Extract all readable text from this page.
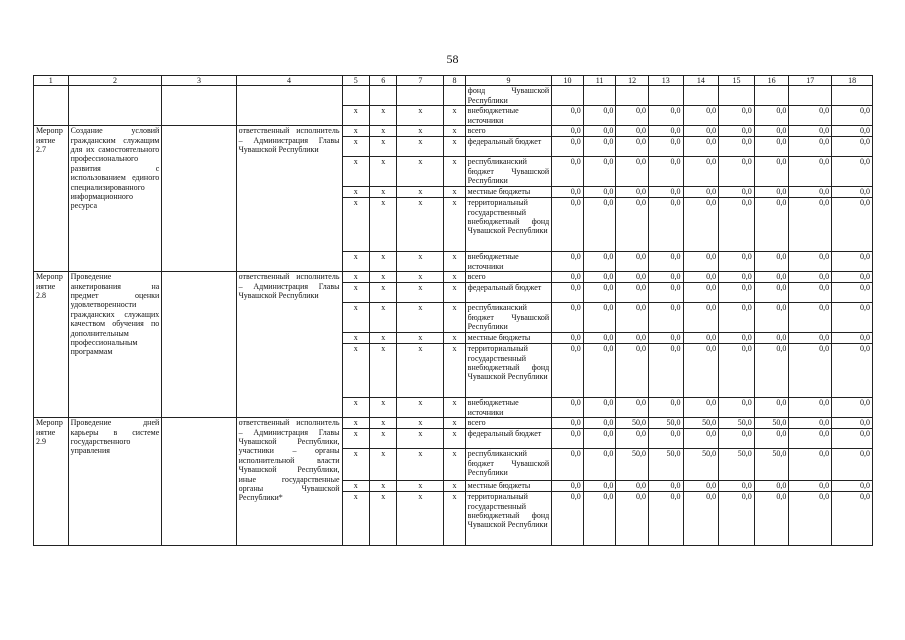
58
1	2	3	4	5	6	7	8	9	10	11	12	13	14	15	16	17	18
								фонд Чувашской Республики									
				x	x	x	x	внебюджетные источники	0,0	0,0	0,0	0,0	0,0	0,0	0,0	0,0	0,0
Мероприятие 2.7	Создание условий гражданским служащим для их самостоятельного профессионального развития с использованием единого специализированного информационного ресурса		ответственный исполнитель – Администрация Главы Чувашской Республики	x	x	x	x	всего	0,0	0,0	0,0	0,0	0,0	0,0	0,0	0,0	0,0
				x	x	x	x	федеральный бюджет	0,0	0,0	0,0	0,0	0,0	0,0	0,0	0,0	0,0
				x	x	x	x	республиканский бюджет Чувашской Республики	0,0	0,0	0,0	0,0	0,0	0,0	0,0	0,0	0,0
				x	x	x	x	местные бюджеты	0,0	0,0	0,0	0,0	0,0	0,0	0,0	0,0	0,0
				x	x	x	x	территориальный государственный внебюджетный фонд Чувашской Республики	0,0	0,0	0,0	0,0	0,0	0,0	0,0	0,0	0,0
				x	x	x	x	внебюджетные источники	0,0	0,0	0,0	0,0	0,0	0,0	0,0	0,0	0,0
Мероприятие 2.8	Проведение анкетирования на предмет оценки удовлетворенности гражданских служащих качеством обучения по дополнительным профессиональным программам		ответственный исполнитель – Администрация Главы Чувашской Республики	x	x	x	x	всего	0,0	0,0	0,0	0,0	0,0	0,0	0,0	0,0	0,0
				x	x	x	x	федеральный бюджет	0,0	0,0	0,0	0,0	0,0	0,0	0,0	0,0	0,0
				x	x	x	x	республиканский бюджет Чувашской Республики	0,0	0,0	0,0	0,0	0,0	0,0	0,0	0,0	0,0
				x	x	x	x	местные бюджеты	0,0	0,0	0,0	0,0	0,0	0,0	0,0	0,0	0,0
				x	x	x	x	территориальный государственный внебюджетный фонд Чувашской Республики	0,0	0,0	0,0	0,0	0,0	0,0	0,0	0,0	0,0
				x	x	x	x	внебюджетные источники	0,0	0,0	0,0	0,0	0,0	0,0	0,0	0,0	0,0
Мероприятие 2.9	Проведение дней карьеры в системе государственного управления		ответственный исполнитель – Администрация Главы Чувашской Республики, участники – органы исполнительной власти Чувашской Республики, иные государственные органы Чувашской Республики*	x	x	x	x	всего	0,0	0,0	50,0	50,0	50,0	50,0	50,0	0,0	0,0
				x	x	x	x	федеральный бюджет	0,0	0,0	0,0	0,0	0,0	0,0	0,0	0,0	0,0
				x	x	x	x	республиканский бюджет Чувашской Республики	0,0	0,0	50,0	50,0	50,0	50,0	50,0	0,0	0,0
				x	x	x	x	местные бюджеты	0,0	0,0	0,0	0,0	0,0	0,0	0,0	0,0	0,0
				x	x	x	x	территориальный государственный внебюджетный фонд Чувашской Республики	0,0	0,0	0,0	0,0	0,0	0,0	0,0	0,0	0,0
